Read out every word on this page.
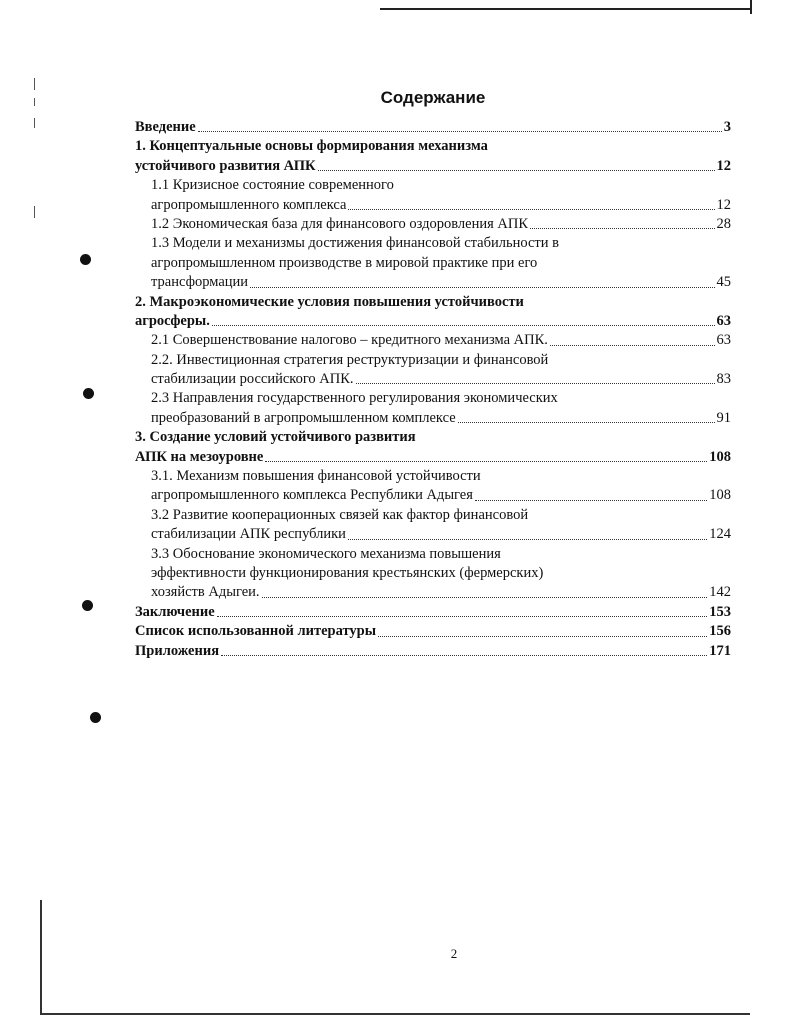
Содержание
Введение	3
1. Концептуальные основы формирования механизма
устойчивого развития АПК	12
1.1 Кризисное состояние современного
агропромышленного комплекса	12
1.2 Экономическая база для финансового оздоровления АПК	28
1.3 Модели и механизмы достижения финансовой стабильности в
агропромышленном производстве в мировой практике при его
трансформации	45
2. Макроэкономические условия повышения устойчивости
агросферы.	63
2.1 Совершенствование налогово – кредитного механизма АПК.	63
2.2. Инвестиционная стратегия реструктуризации и финансовой
стабилизации российского АПК.	83
2.3 Направления государственного регулирования экономических
преобразований в агропромышленном комплексе	91
3. Создание условий устойчивого развития
АПК на мезоуровне	108
3.1. Механизм повышения финансовой устойчивости
агропромышленного комплекса Республики Адыгея	108
3.2 Развитие кооперационных связей как фактор финансовой
стабилизации АПК республики	124
3.3 Обоснование экономического механизма повышения
эффективности функционирования крестьянских (фермерских)
хозяйств Адыгеи.	142
Заключение	153
Список использованной литературы	156
Приложения	171
2
